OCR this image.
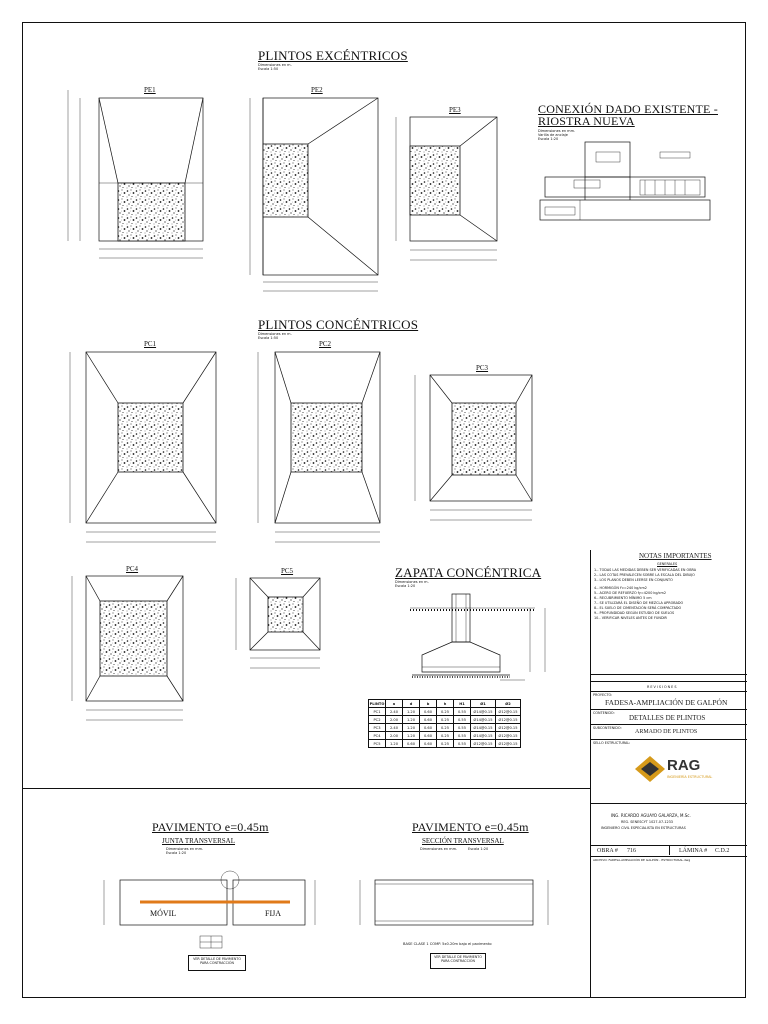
PLINTOS EXCÉNTRICOS
Dimensiones en m.
Escala 1:50
PE1	PE2
PE3	CONEXIÓN DADO EXISTENTE -
RIOSTRA NUEVA
Dimensiones en mm.
Varilla de anclaje
Escala 1:20
PLINTOS CONCÉNTRICOS
Dimensiones en m.
Escala 1:50
PC1	PC2
PC3
PC4	PC5	ZAPATA CONCÉNTRICA
Dimensiones en m.
Escala 1:20
PLINTO	a	d	b	h	H1	Ø1	Ø2
PC1	2.40	1.20	0.60	0.25	0.55	Ø14@0.15	Ø12@0.15
PC2	2.00	1.20	0.60	0.25	0.55	Ø14@0.15	Ø12@0.15
PC3	2.40	1.20	0.60	0.25	0.55	Ø14@0.15	Ø12@0.15
PC4	2.00	1.20	0.60	0.25	0.55	Ø14@0.15	Ø12@0.15
PC5	1.20	0.60	0.60	0.25	0.55	Ø12@0.15	Ø12@0.15
PAVIMENTO e=0.45m
JUNTA TRANSVERSAL
Dimensiones en mm.
Escala 1:20
MÓVIL	FIJA
VER DETALLE DE PAVIMENTO PARA CONTRACCIÓN
PAVIMENTO e=0.45m
SECCIÓN TRANSVERSAL
Dimensiones en mm.	Escala 1:20
BASE CLASE 1 COMP. 5x0.20m bajo el pavimento
VER DETALLE DE PAVIMENTO PARA CONTRACCIÓN
NOTAS IMPORTANTES
GENERALES
1.- TODAS LAS MEDIDAS DEBEN SER VERIFICADAS EN OBRA
2.- LAS COTAS PREVALECEN SOBRE LA ESCALA DEL DIBUJO
3.- LOS PLANOS DEBEN LEERSE EN CONJUNTO
4.- HORMIGÓN f'c=240 kg/cm2
5.- ACERO DE REFUERZO fy=4200 kg/cm2
6.- RECUBRIMIENTO MÍNIMO 5 cm
7.- SE UTILIZARÁ EL DISEÑO DE MEZCLA APROBADO
8.- EL SUELO DE CIMENTACIÓN SERÁ COMPACTADO
9.- PROFUNDIDAD SEGÚN ESTUDIO DE SUELOS
10.- VERIFICAR NIVELES ANTES DE FUNDIR
REVISIONES
PROYECTO:
FADESA-AMPLIACIÓN DE GALPÓN
CONTENIDO:
DETALLES DE PLINTOS
SUBCONTENIDO:
ARMADO DE PLINTOS
SELLO ESTRUCTURAL:
RAG
INGENIERÍA ESTRUCTURAL
ING. RICARDO AGUAYO GALARZA, M.Sc.
REG. SENESCYT 1027-07-1233
INGENIERO CIVIL ESPECIALISTA EN ESTRUCTURAS
OBRA # 716	LÁMINA # C.D.2
ARCHIVO: FADESA-AMPLIACIÓN DE GALPÓN - ESTRUCTURAL.dwg
